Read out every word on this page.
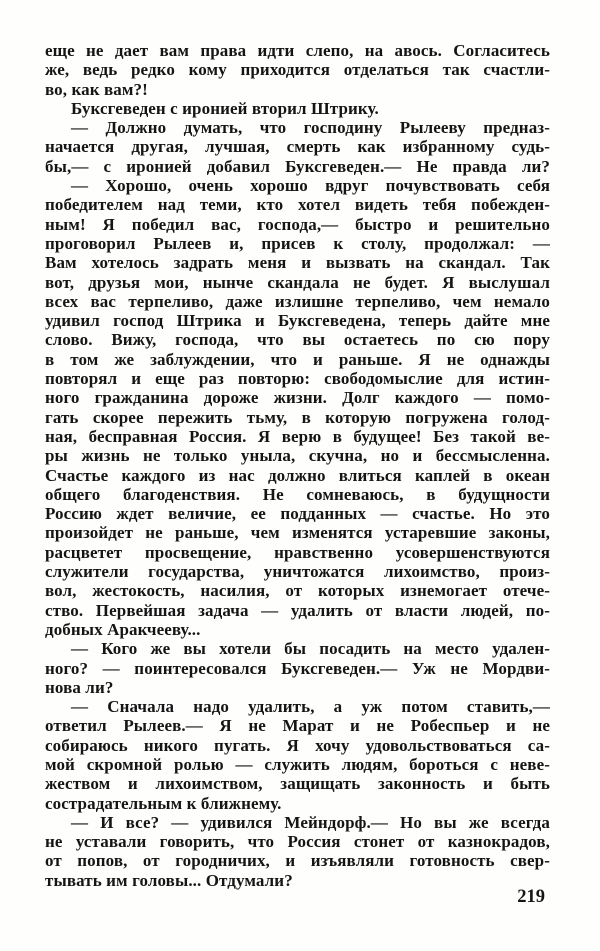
еще не дает вам права идти слепо, на авось. Согласитесь
же, ведь редко кому приходится отделаться так счастли-
во, как вам?!
Буксгеведен с иронией вторил Штрику.
— Должно думать, что господину Рылееву предназ-
начается другая, лучшая, смерть как избранному судь-
бы,— с иронией добавил Буксгеведен.— Не правда ли?
— Хорошо, очень хорошо вдруг почувствовать себя
победителем над теми, кто хотел видеть тебя побежден-
ным! Я победил вас, господа,— быстро и решительно
проговорил Рылеев и, присев к столу, продолжал: —
Вам хотелось задрать меня и вызвать на скандал. Так
вот, друзья мои, нынче скандала не будет. Я выслушал
всех вас терпеливо, даже излишне терпеливо, чем немало
удивил господ Штрика и Буксгеведена, теперь дайте мне
слово. Вижу, господа, что вы остаетесь по сю пору
в том же заблуждении, что и раньше. Я не однажды
повторял и еще раз повторю: свободомыслие для истин-
ного гражданина дороже жизни. Долг каждого — помо-
гать скорее пережить тьму, в которую погружена голод-
ная, бесправная Россия. Я верю в будущее! Без такой ве-
ры жизнь не только уныла, скучна, но и бессмысленна.
Счастье каждого из нас должно влиться каплей в океан
общего благоденствия. Не сомневаюсь, в будущности
Россию ждет величие, ее подданных — счастье. Но это
произойдет не раньше, чем изменятся устаревшие законы,
расцветет просвещение, нравственно усовершенствуются
служители государства, уничтожатся лихоимство, произ-
вол, жестокость, насилия, от которых изнемогает отече-
ство. Первейшая задача — удалить от власти людей, по-
добных Аракчееву...
— Кого же вы хотели бы посадить на место удален-
ного? — поинтересовался Буксгеведен.— Уж не Мордви-
нова ли?
— Сначала надо удалить, а уж потом ставить,—
ответил Рылеев.— Я не Марат и не Робеспьер и не
собираюсь никого пугать. Я хочу удовольствоваться са-
мой скромной ролью — служить людям, бороться с неве-
жеством и лихоимством, защищать законность и быть
сострадательным к ближнему.
— И все? — удивился Мейндорф.— Но вы же всегда
не уставали говорить, что Россия стонет от казнокрадов,
от попов, от городничих, и изъявляли готовность свер-
тывать им головы... Отдумали?
219
